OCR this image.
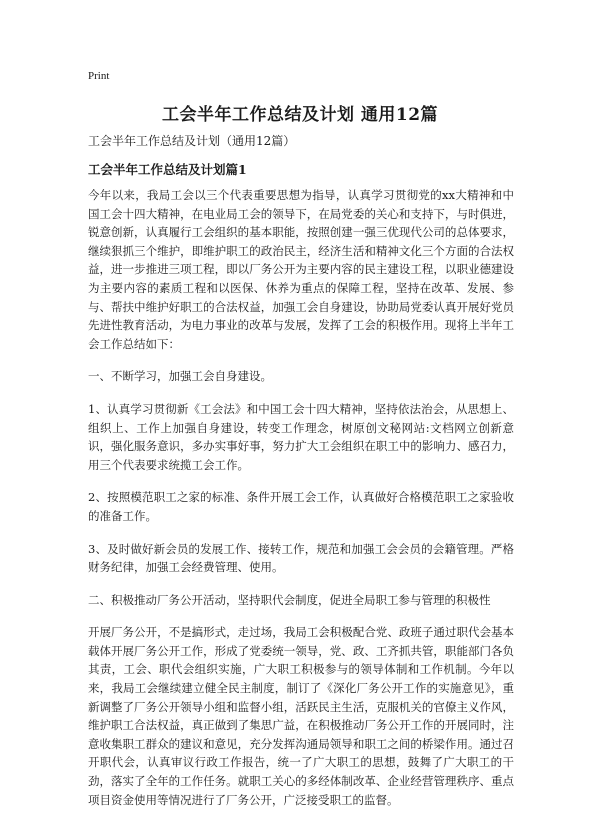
Print
工会半年工作总结及计划 通用12篇
工会半年工作总结及计划（通用12篇）
工会半年工作总结及计划篇1

今年以来，我局工会以三个代表重要思想为指导，认真学习贯彻党的xx大精神和中国工会十四大精神，在电业局工会的领导下，在局党委的关心和支持下，与时俱进，锐意创新，认真履行工会组织的基本职能，按照创建一强三优现代公司的总体要求，继续狠抓三个维护，即维护职工的政治民主，经济生活和精神文化三个方面的合法权益，进一步推进三项工程，即以厂务公开为主要内容的民主建设工程，以职业德建设为主要内容的素质工程和以医保、休养为重点的保障工程，坚持在改革、发展、参与、帮扶中维护好职工的合法权益，加强工会自身建设，协助局党委认真开展好党员先进性教育活动，为电力事业的改革与发展，发挥了工会的积极作用。现将上半年工会工作总结如下：

一、不断学习，加强工会自身建设。

1、认真学习贯彻新《工会法》和中国工会十四大精神，坚持依法治会，从思想上、组织上、工作上加强自身建设，转变工作理念，树原创文秘网站:文档网立创新意识，强化服务意识，多办实事好事，努力扩大工会组织在职工中的影响力、感召力，用三个代表要求统揽工会工作。

2、按照模范职工之家的标准、条件开展工会工作，认真做好合格模范职工之家验收的准备工作。

3、及时做好新会员的发展工作、接转工作，规范和加强工会会员的会籍管理。严格财务纪律，加强工会经费管理、使用。

二、积极推动厂务公开活动，坚持职代会制度，促进全局职工参与管理的积极性

开展厂务公开，不是搞形式，走过场，我局工会积极配合党、政班子通过职代会基本载体开展厂务公开工作，形成了党委统一领导，党、政、工齐抓共管，职能部门各负其责，工会、职代会组织实施，广大职工积极参与的领导体制和工作机制。今年以来，我局工会继续建立健全民主制度，制订了《深化厂务公开工作的实施意见》，重新调整了厂务公开领导小组和监督小组，活跃民主生活，克服机关的官僚主义作风，维护职工合法权益，真正做到了集思广益，在积极推动厂务公开工作的开展同时，注意收集职工群众的建议和意见，充分发挥沟通局领导和职工之间的桥梁作用。通过召开职代会，认真审议行政工作报告，统一了广大职工的思想，鼓舞了广大职工的干劲，落实了全年的工作任务。就职工关心的多经体制改革、企业经营管理秩序、重点项目资金使用等情况进行了厂务公开，广泛接受职工的监督。
